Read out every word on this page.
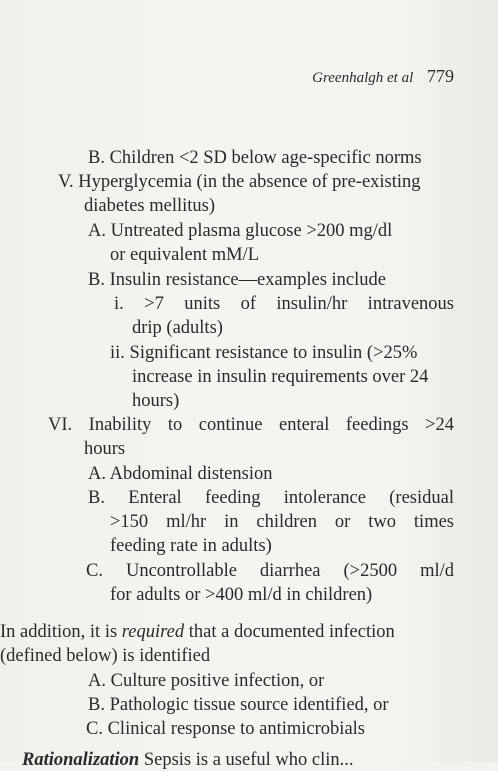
Greenhalgh et al 779
B. Children <2 SD below age-specific norms
V. Hyperglycemia (in the absence of pre-existing
diabetes mellitus)
A. Untreated plasma glucose >200 mg/dl
or equivalent mM/L
B. Insulin resistance—examples include
i. >7 units of insulin/hr intravenous
drip (adults)
ii. Significant resistance to insulin (>25%
increase in insulin requirements over 24
hours)
VI. Inability to continue enteral feedings >24
hours
A. Abdominal distension
B. Enteral feeding intolerance (residual
>150 ml/hr in children or two times
feeding rate in adults)
C. Uncontrollable diarrhea (>2500 ml/d
for adults or >400 ml/d in children)
In addition, it is required that a documented infection
(defined below) is identified
A. Culture positive infection, or
B. Pathologic tissue source identified, or
C. Clinical response to antimicrobials
Rationalization Sepsis is a useful who clin...
